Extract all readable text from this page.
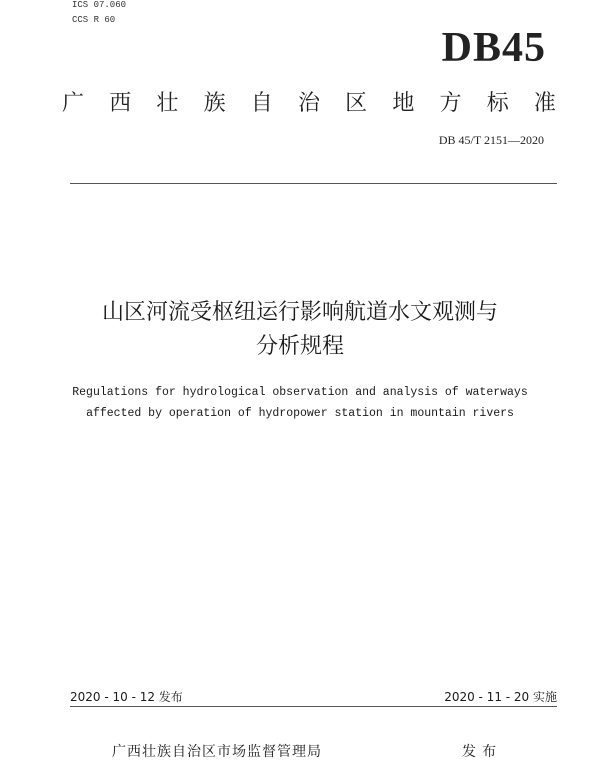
ICS 07.060
CCS R 60
DB45
广 西 壮 族 自 治 区 地 方 标 准
DB 45/T 2151—2020
山区河流受枢纽运行影响航道水文观测与
分析规程
Regulations for hydrological observation and analysis of waterways
affected by operation of hydropower station in mountain rivers
2020 - 10 - 12 发布	2020 - 11 - 20 实施
广西壮族自治区市场监督管理局	发布
